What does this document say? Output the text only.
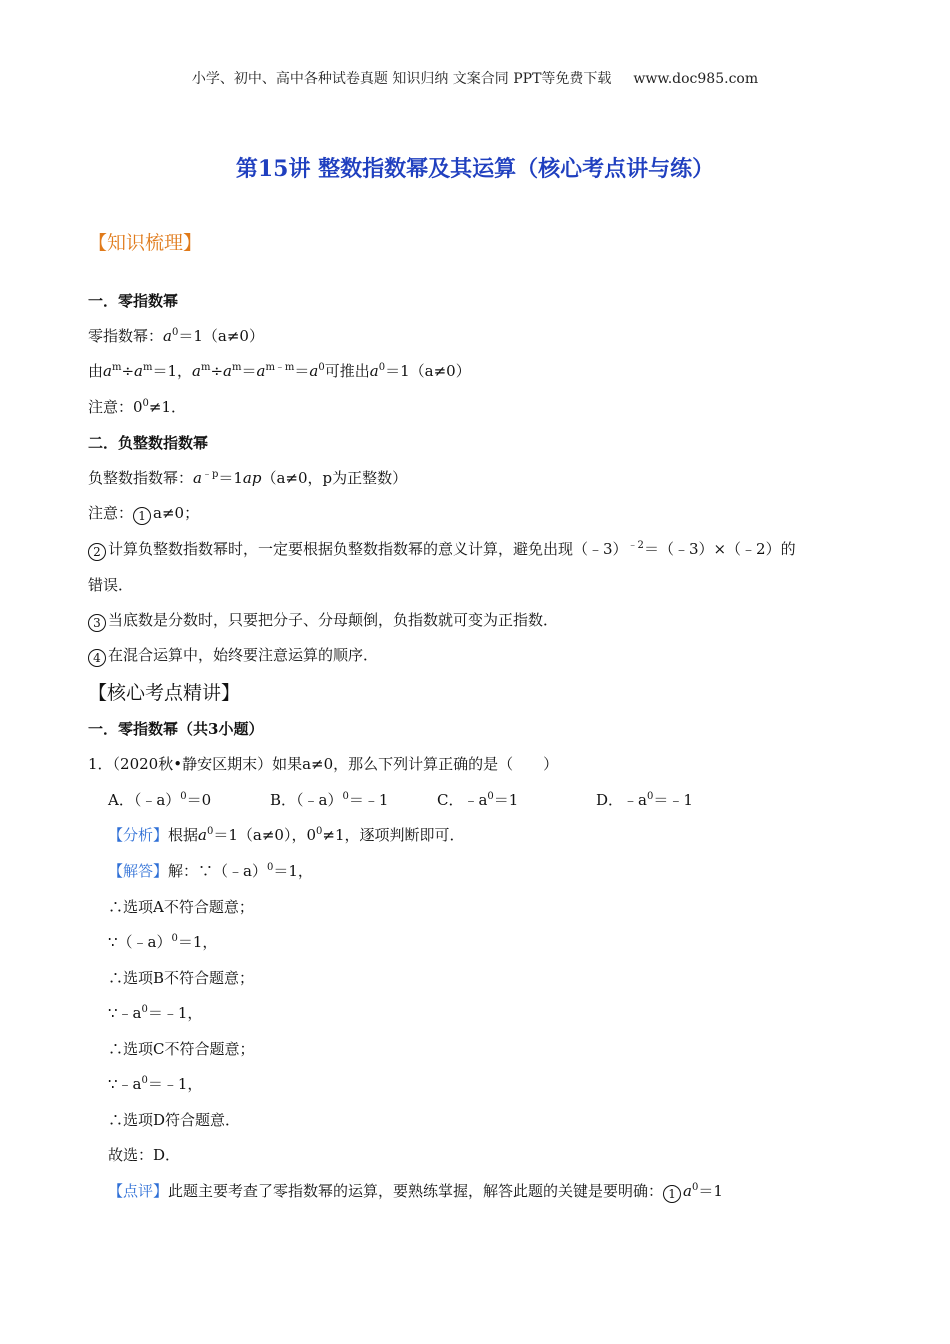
小学、初中、高中各种试卷真题 知识归纳 文案合同 PPT等免费下载 www.doc985.com
第15讲 整数指数幂及其运算（核心考点讲与练）
【知识梳理】
一．零指数幂
零指数幂：$a^0=1(a\ne 0)$
由$a^m\div a^m=1$，$a^m\div a^m=a^{m﹣m}=a^0$可推出$a^0=1(a\ne 0)$
注意：$0^0\ne 1$．
二．负整数指数幂
负整数指数幂：$a^{﹣p}=1ap(a\ne 0$，p为正整数）
注意： 1 a≠0；
2 计算负整数指数幂时，一定要根据负整数指数幂的意义计算，避免出现（﹣3）$^{﹣2}$＝（﹣3）×（﹣2）的
错误．
3 当底数是分数时，只要把分子、分母颠倒，负指数就可变为正指数．
4 在混合运算中，始终要注意运算的顺序．
【核心考点精讲】
一．零指数幂（共3小题）
1．（2020秋•静安区期末）如果a≠0，那么下列计算正确的是（　　）
A．（﹣a）$^0$＝0	B．（﹣a）$^0$＝﹣1	C．$﹣a^0=1$	D．$﹣a^0=﹣1$
【分析】根据$a^0=1(a\ne 0)$，$0^0\ne 1$，逐项判断即可．
【解答】解：∵（﹣a）$^0$＝1，
∴选项A不符合题意；
∵（﹣a）$^0$＝1，
∴选项B不符合题意；
$\because﹣a^0=﹣1$，
∴选项C不符合题意；
$\because﹣a^0=﹣1$，
∴选项D符合题意．
故选：D．
【点评】此题主要考查了零指数幂的运算，要熟练掌握，解答此题的关键是要明确： 1 $a^0=1$
